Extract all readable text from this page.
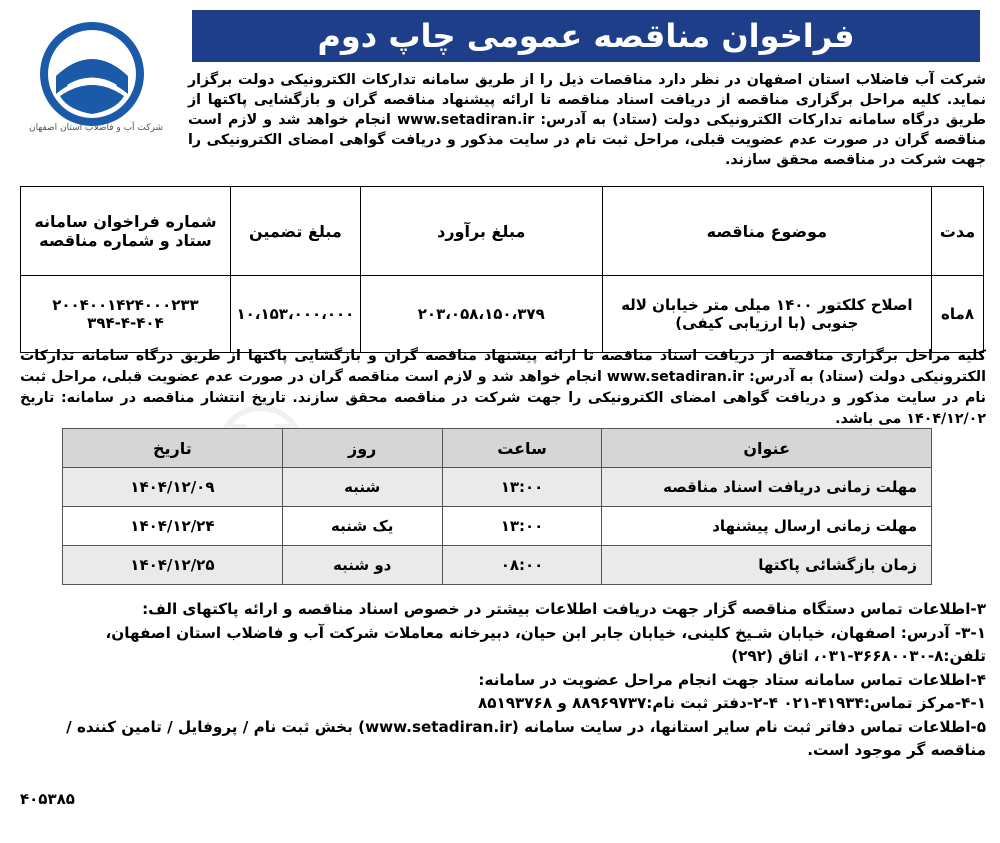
فراخوان مناقصه عمومی چاپ دوم
شرکت آب و فاضلاب استان اصفهان
شرکت آب فاضلاب استان اصفهان در نظر دارد مناقصات ذیل را از طریق سامانه تدارکات الکترونیکی دولت برگزار نماید. کلیه مراحل برگزاری مناقصه از دریافت اسناد مناقصه تا ارائه پیشنهاد مناقصه گران و بازگشایی پاکتها از طریق درگاه سامانه تدارکات الکترونیکی دولت (ستاد) به آدرس: www.setadiran.ir انجام خواهد شد و لازم است مناقصه گران در صورت عدم عضویت قبلی، مراحل ثبت نام در سایت مذکور و دریافت گواهی امضای الکترونیکی را جهت شرکت در مناقصه محقق سازند.
مدت	موضوع مناقصه	مبلغ برآورد	مبلغ تضمین	شماره فراخوان سامانه ستاد و شماره مناقصه
۸ماه	اصلاح کلکتور ۱۴۰۰ میلی متر خیابان لاله جنوبی (با ارزیابی کیفی)	۲۰۳،۰۵۸،۱۵۰،۳۷۹	۱۰،۱۵۳،۰۰۰،۰۰۰	۲۰۰۴۰۰۱۴۲۴۰۰۰۲۳۳ ۳۹۴-۴-۴۰۴
کلیه مراحل برگزاری مناقصه از دریافت اسناد مناقصه تا ارائه پیشنهاد مناقصه گران و بازگشایی پاکتها از طریق درگاه سامانه تدارکات الکترونیکی دولت (ستاد) به آدرس: www.setadiran.ir انجام خواهد شد و لازم است مناقصه گران در صورت عدم عضویت قبلی، مراحل ثبت نام در سایت مذکور و دریافت گواهی امضای الکترونیکی را جهت شرکت در مناقصه محقق سازند. تاریخ انتشار مناقصه در سامانه: تاریخ ۱۴۰۴/۱۲/۰۲ می باشد.
عنوان	ساعت	روز	تاریخ
مهلت زمانی دریافت اسناد مناقصه	۱۳:۰۰	شنبه	۱۴۰۴/۱۲/۰۹
مهلت زمانی ارسال پیشنهاد	۱۳:۰۰	یک شنبه	۱۴۰۴/۱۲/۲۴
زمان بازگشائی پاکتها	۰۸:۰۰	دو شنبه	۱۴۰۴/۱۲/۲۵
۳-اطلاعات تماس دستگاه مناقصه گزار جهت دریافت اطلاعات بیشتر در خصوص اسناد مناقصه و ارائه پاکتهای الف:
۳-۱- آدرس: اصفهان، خیابان شـیخ کلینی، خیابان جابر ابن حیان، دبیرخانه معاملات شرکت آب و فاضلاب استان اصفهان،
تلفن:۸-۳۶۶۸۰۰۳۰-۰۳۱، اتاق (۲۹۲)
۴-اطلاعات تماس سامانه ستاد جهت انجام مراحل عضویت در سامانه:
۴-۱-مرکز تماس:۴۱۹۳۴-۰۲۱ ۴-۲-دفتر ثبت نام:۸۸۹۶۹۷۳۷ و ۸۵۱۹۳۷۶۸
۵-اطلاعات تماس دفاتر ثبت نام سایر استانها، در سایت سامانه (www.setadiran.ir) بخش ثبت نام / پروفایل / تامین کننده /
مناقصه گر موجود است.
۴۰۵۳۸۵
